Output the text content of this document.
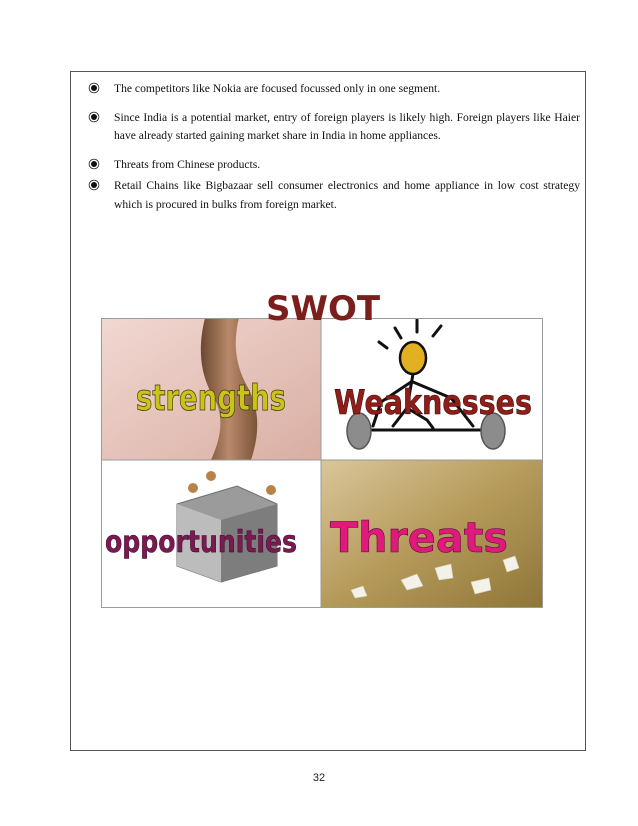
The competitors like Nokia are focused focussed only in one segment.
Since India is a potential market, entry of foreign players is likely high. Foreign players like Haier have already started gaining market share in India in home appliances.
Threats from Chinese products.
Retail Chains like Bigbazaar sell consumer electronics and home appliance in low cost strategy which is procured in bulks from foreign market.
SWOT
strengths Weaknesses
opportunities Threats
32
